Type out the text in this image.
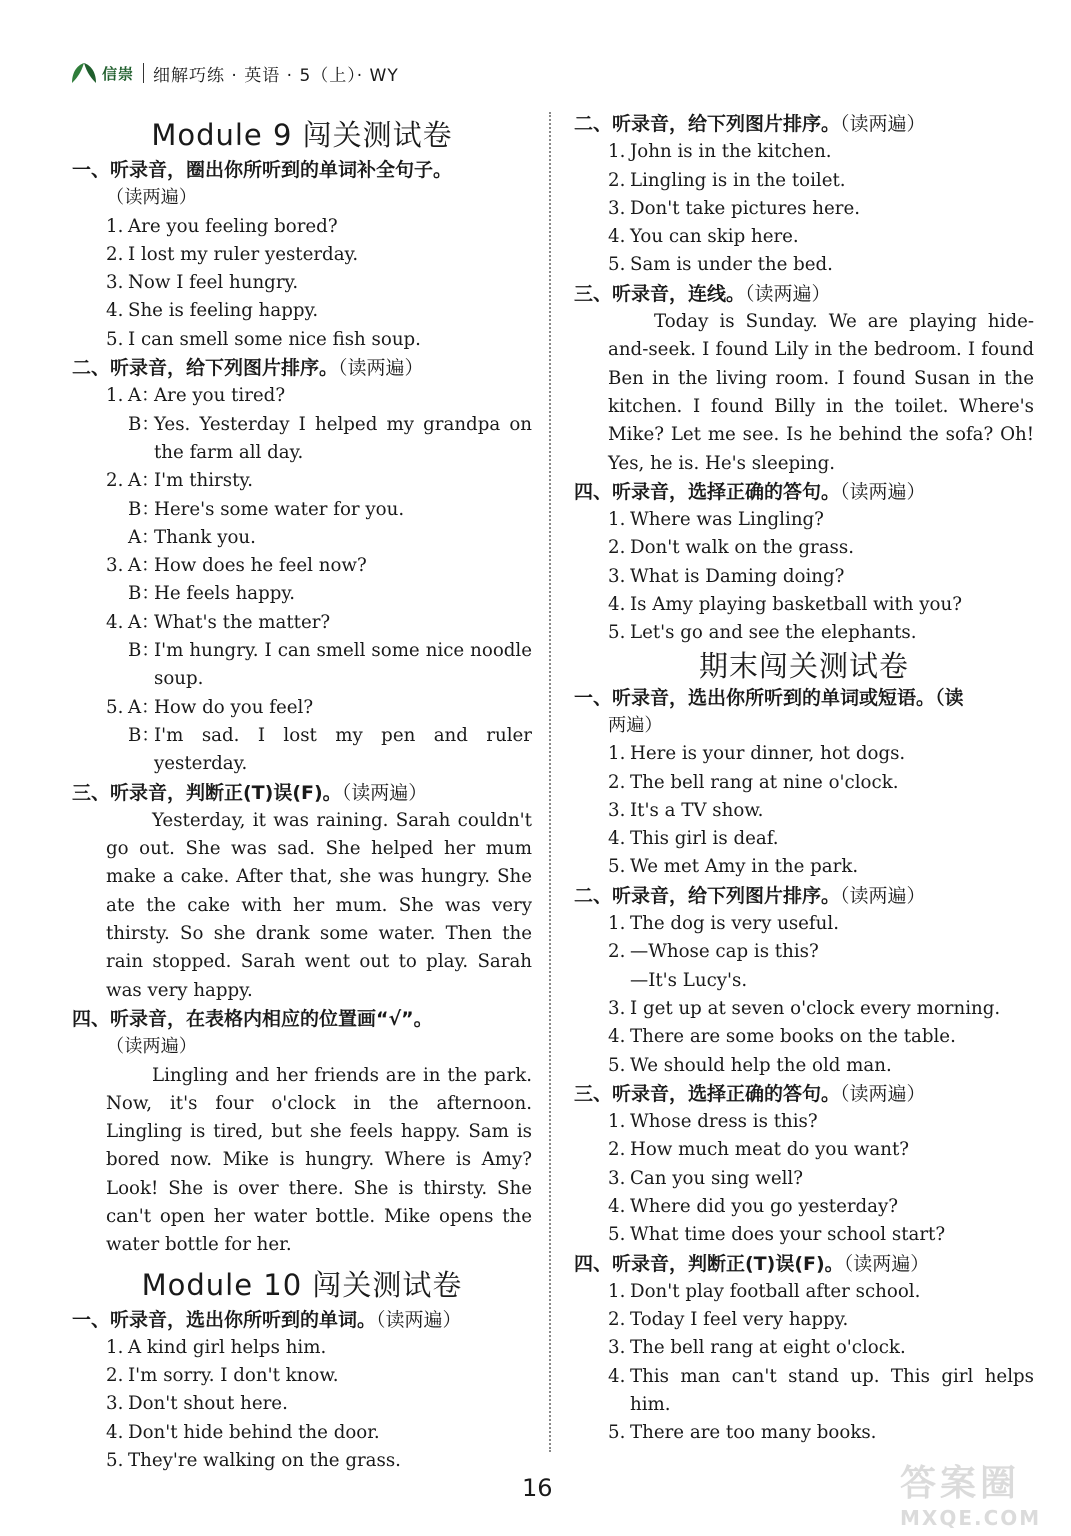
信崇 细解巧练 · 英语 · 5（上）· WY
Module 9 闯关测试卷
一、听录音，圈出你所听到的单词补全句子。
（读两遍）
1. Are you feeling bored?
2. I lost my ruler yesterday.
3. Now I feel hungry.
4. She is feeling happy.
5. I can smell some nice fish soup.
二、听录音，给下列图片排序。（读两遍）
1. A：
Are you tired?
B：
Yes. Yesterday I helped my grandpa on
the farm all day.
2. A：
I'm thirsty.
B：
Here's some water for you.
A：
Thank you.
3. A：
How does he feel now?
B：
He feels happy.
4. A：
What's the matter?
B：
I'm hungry. I can smell some nice noodle
soup.
5. A：
How do you feel?
B：
I'm sad. I lost my pen and ruler
yesterday.
三、听录音，判断正(T)误(F)。（读两遍）
Yesterday, it was raining. Sarah couldn't go out. She was sad. She helped her mum make a cake. After that, she was hungry. She ate the cake with her mum. She was very thirsty. So she drank some water. Then the rain stopped. Sarah went out to play. Sarah was very happy.
四、听录音，在表格内相应的位置画“√”。
（读两遍）
Lingling and her friends are in the park. Now, it's four o'clock in the afternoon. Lingling is tired, but she feels happy. Sam is bored now. Mike is hungry. Where is Amy? Look! She is over there. She is thirsty. She can't open her water bottle. Mike opens the water bottle for her.
Module 10 闯关测试卷
一、听录音，选出你所听到的单词。（读两遍）
1. A kind girl helps him.
2. I'm sorry. I don't know.
3. Don't shout here.
4. Don't hide behind the door.
5. They're walking on the grass.
二、听录音，给下列图片排序。（读两遍）
1. John is in the kitchen.
2. Lingling is in the toilet.
3. Don't take pictures here.
4. You can skip here.
5. Sam is under the bed.
三、听录音，连线。（读两遍）
Today is Sunday. We are playing hide-and-seek. I found Lily in the bedroom. I found Ben in the living room. I found Susan in the kitchen. I found Billy in the toilet. Where's Mike? Let me see. Is he behind the sofa? Oh! Yes, he is. He's sleeping.
四、听录音，选择正确的答句。（读两遍）
1. Where was Lingling?
2. Don't walk on the grass.
3. What is Daming doing?
4. Is Amy playing basketball with you?
5. Let's go and see the elephants.
期末闯关测试卷
一、听录音，选出你所听到的单词或短语。（读
两遍）
1. Here is your dinner, hot dogs.
2. The bell rang at nine o'clock.
3. It's a TV show.
4. This girl is deaf.
5. We met Amy in the park.
二、听录音，给下列图片排序。（读两遍）
1. The dog is very useful.
2. —Whose cap is this?
—It's Lucy's.
3. I get up at seven o'clock every morning.
4. There are some books on the table.
5. We should help the old man.
三、听录音，选择正确的答句。（读两遍）
1. Whose dress is this?
2. How much meat do you want?
3. Can you sing well?
4. Where did you go yesterday?
5. What time does your school start?
四、听录音，判断正(T)误(F)。（读两遍）
1. Don't play football after school.
2. Today I feel very happy.
3. The bell rang at eight o'clock.
4. This man can't stand up. This girl helps
him.
5. There are too many books.
16	答案圈
MXQE.COM
